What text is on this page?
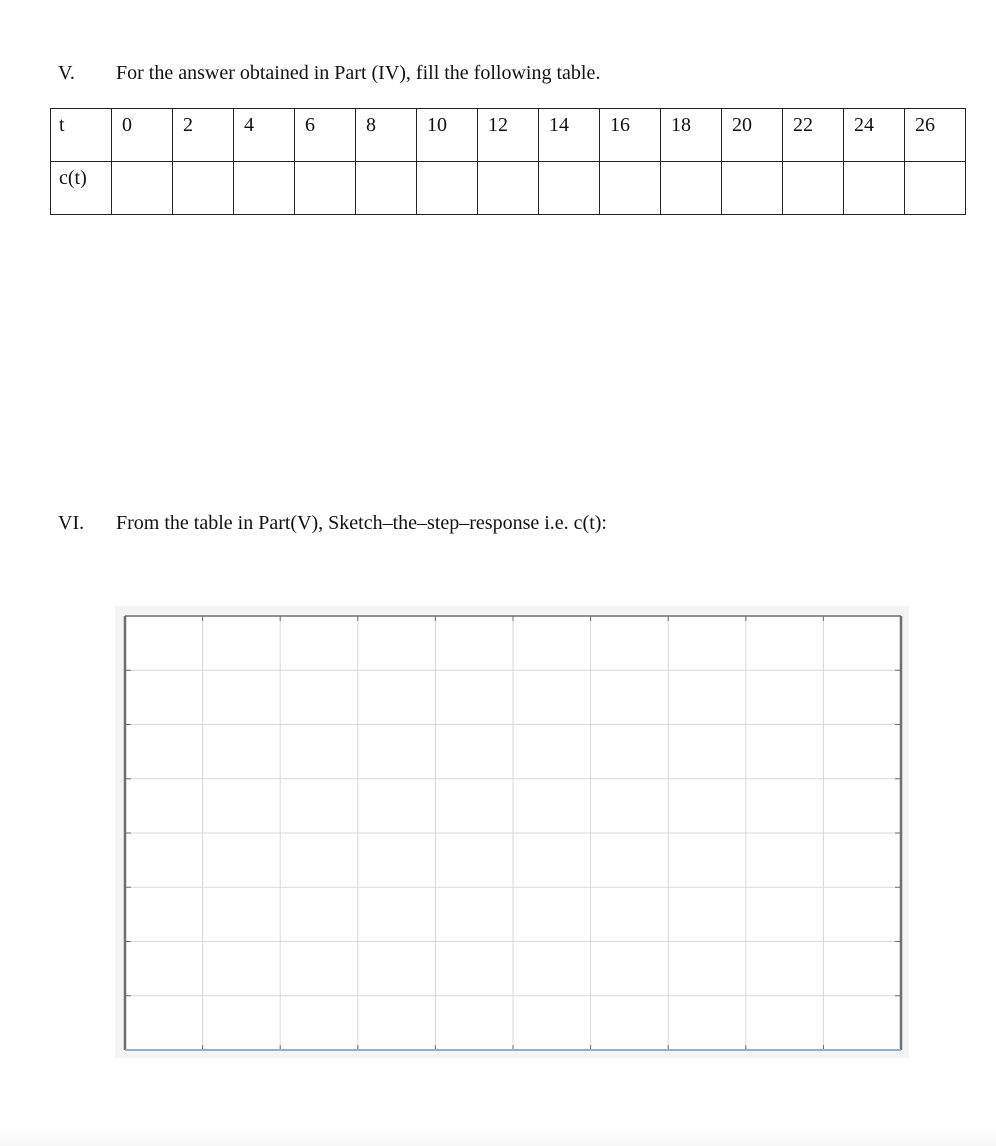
V. For the answer obtained in Part (IV), fill the following table.
t	0	2	4	6	8	10	12	14	16	18	20	22	24	26
c(t)														
VI. From the table in Part(V), Sketch–the–step–response i.e. c(t):
